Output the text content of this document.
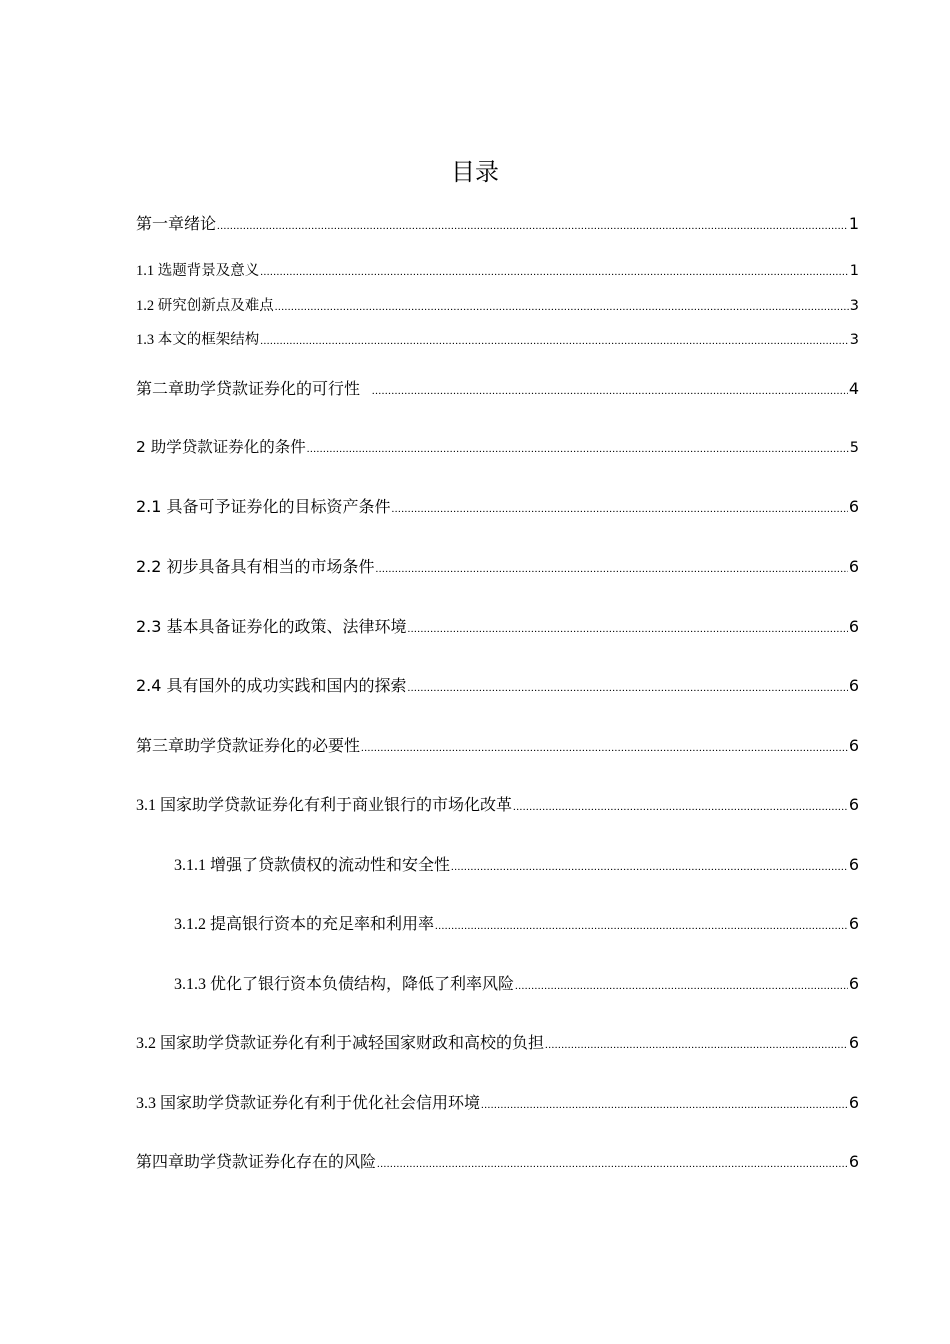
目录
第一章绪论 .....	1
1.1 选题背景及意义 .....	1
1.2 研究创新点及难点 .....	3
1.3 本文的框架结构 .....	3
第二章助学贷款证券化的可行性 .....	4
2 助学贷款证券化的条件 .....	5
2.1 具备可予证券化的目标资产条件 .....	6
2.2 初步具备具有相当的市场条件 .....	6
2.3 基本具备证券化的政策、法律环境 .....	6
2.4 具有国外的成功实践和国内的探索 .....	6
第三章助学贷款证券化的必要性 .....	6
3.1 国家助学贷款证券化有利于商业银行的市场化改革 .....	6
3.1.1 增强了贷款债权的流动性和安全性 .....	6
3.1.2 提高银行资本的充足率和利用率 .....	6
3.1.3 优化了银行资本负债结构，降低了利率风险 .....	6
3.2 国家助学贷款证券化有利于减轻国家财政和高校的负担 .....	6
3.3 国家助学贷款证券化有利于优化社会信用环境 .....	6
第四章助学贷款证券化存在的风险 .....	6
